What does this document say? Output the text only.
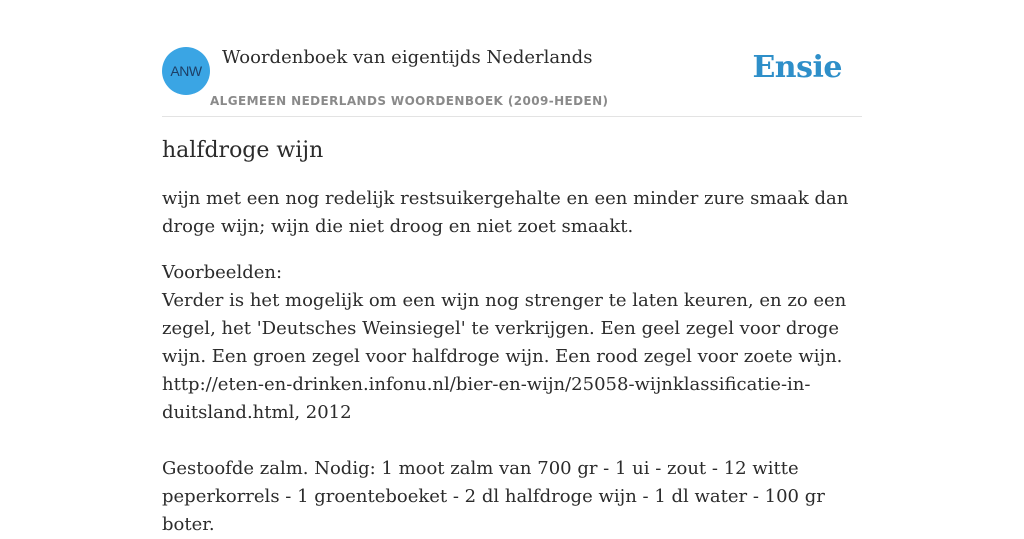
ANW
Woordenboek van eigentijds Nederlands
ALGEMEEN NEDERLANDS WOORDENBOEK (2009-HEDEN)
Ensie
halfdroge wijn

wijn met een nog redelijk restsuikergehalte en een minder zure smaak dan droge wijn; wijn die niet droog en niet zoet smaakt.

Voorbeelden:

Verder is het mogelijk om een wijn nog strenger te laten keuren, en zo een zegel, het 'Deutsches Weinsiegel' te verkrijgen. Een geel zegel voor droge wijn. Een groen zegel voor halfdroge wijn. Een rood zegel voor zoete wijn.

http://eten-en-drinken.infonu.nl/bier-en-wijn/25058-wijnklassificatie-in-duitsland.html, 2012

Gestoofde zalm. Nodig: 1 moot zalm van 700 gr - 1 ui - zout - 12 witte peperkorrels - 1 groenteboeket - 2 dl halfdroge wijn - 1 dl water - 100 gr boter.
